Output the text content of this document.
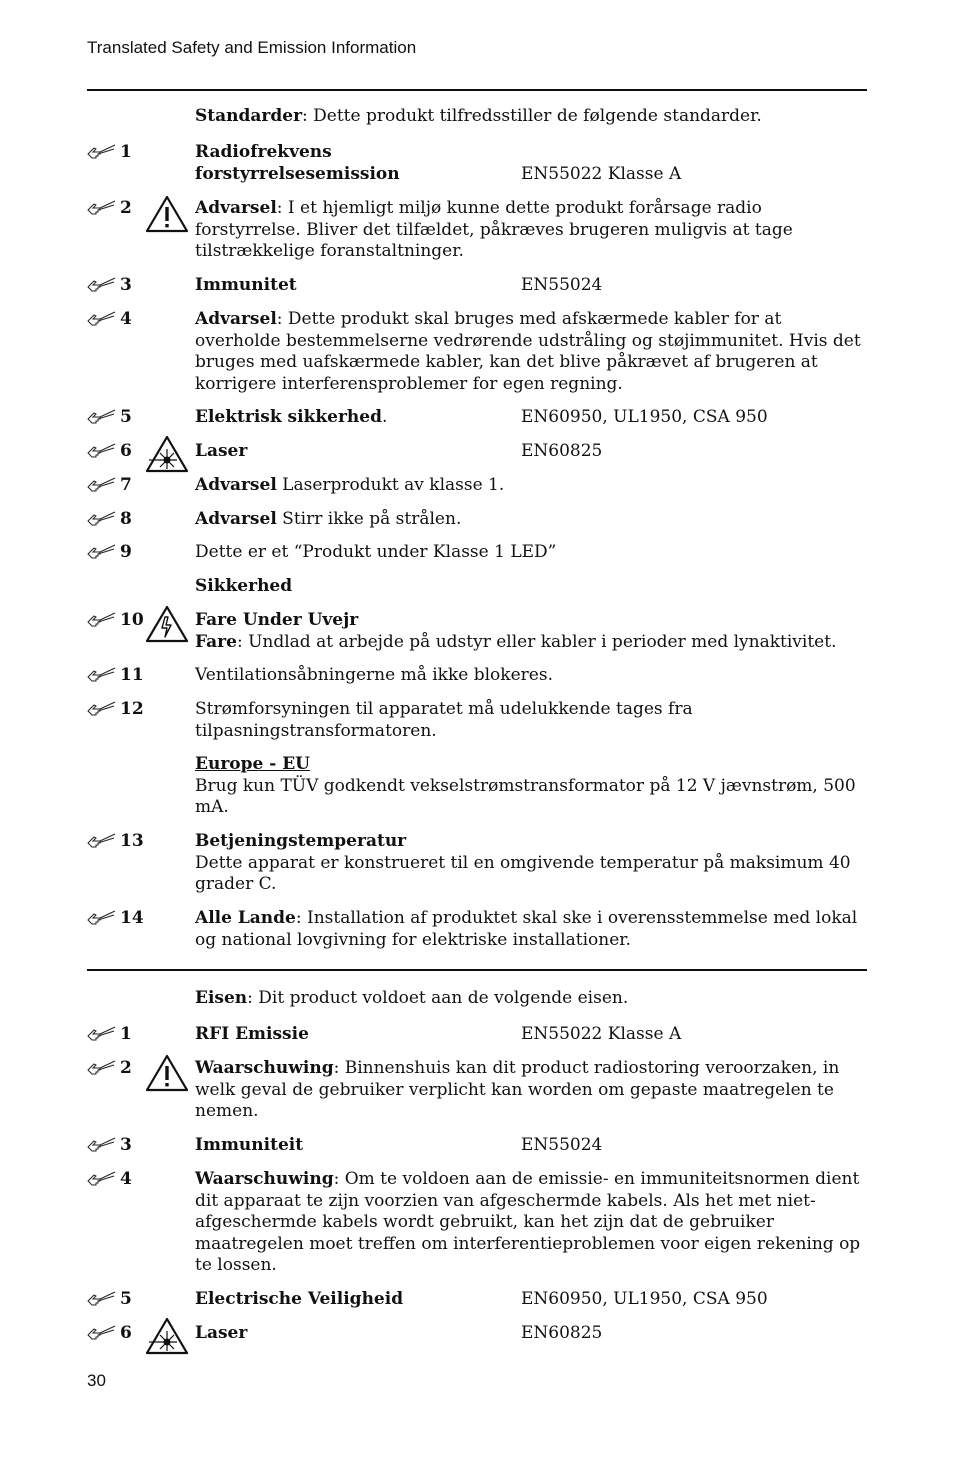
Translated Safety and Emission Information
Standarder: Dette produkt tilfredsstiller de følgende standarder.
1	Radiofrekvens
forstyrrelsesemission	EN55022 Klasse A
2	Advarsel: I et hjemligt miljø kunne dette produkt forårsage radio forstyrrelse. Bliver det tilfældet, påkræves brugeren muligvis at tage tilstrækkelige foranstaltninger.
3	Immunitet	EN55024
4	Advarsel: Dette produkt skal bruges med afskærmede kabler for at overholde bestemmelserne vedrørende udstråling og støjimmunitet. Hvis det bruges med uafskærmede kabler, kan det blive påkrævet af brugeren at korrigere interferensproblemer for egen regning.
5	Elektrisk sikkerhed.	EN60950, UL1950, CSA 950
6	Laser	EN60825
7	Advarsel Laserprodukt av klasse 1.
8	Advarsel Stirr ikke på strålen.
9	Dette er et “Produkt under Klasse 1 LED”
Sikkerhed
10	Fare Under Uvejr
Fare: Undlad at arbejde på udstyr eller kabler i perioder med lynaktivitet.
11	Ventilationsåbningerne må ikke blokeres.
12	Strømforsyningen til apparatet må udelukkende tages fra tilpasningstransformatoren.
Europe - EU
Brug kun TÜV godkendt vekselstrømstransformator på 12 V jævnstrøm, 500 mA.
13	Betjeningstemperatur
Dette apparat er konstrueret til en omgivende temperatur på maksimum 40 grader C.
14	Alle Lande: Installation af produktet skal ske i overensstemmelse med lokal og national lovgivning for elektriske installationer.
Eisen: Dit product voldoet aan de volgende eisen.
1	RFI Emissie	EN55022 Klasse A
2	Waarschuwing: Binnenshuis kan dit product radiostoring veroorzaken, in welk geval de gebruiker verplicht kan worden om gepaste maatregelen te nemen.
3	Immuniteit	EN55024
4	Waarschuwing: Om te voldoen aan de emissie- en immuniteitsnormen dient dit apparaat te zijn voorzien van afgeschermde kabels. Als het met niet-afgeschermde kabels wordt gebruikt, kan het zijn dat de gebruiker maatregelen moet treffen om interferentieproblemen voor eigen rekening op te lossen.
5	Electrische Veiligheid	EN60950, UL1950, CSA 950
6	Laser	EN60825
30
